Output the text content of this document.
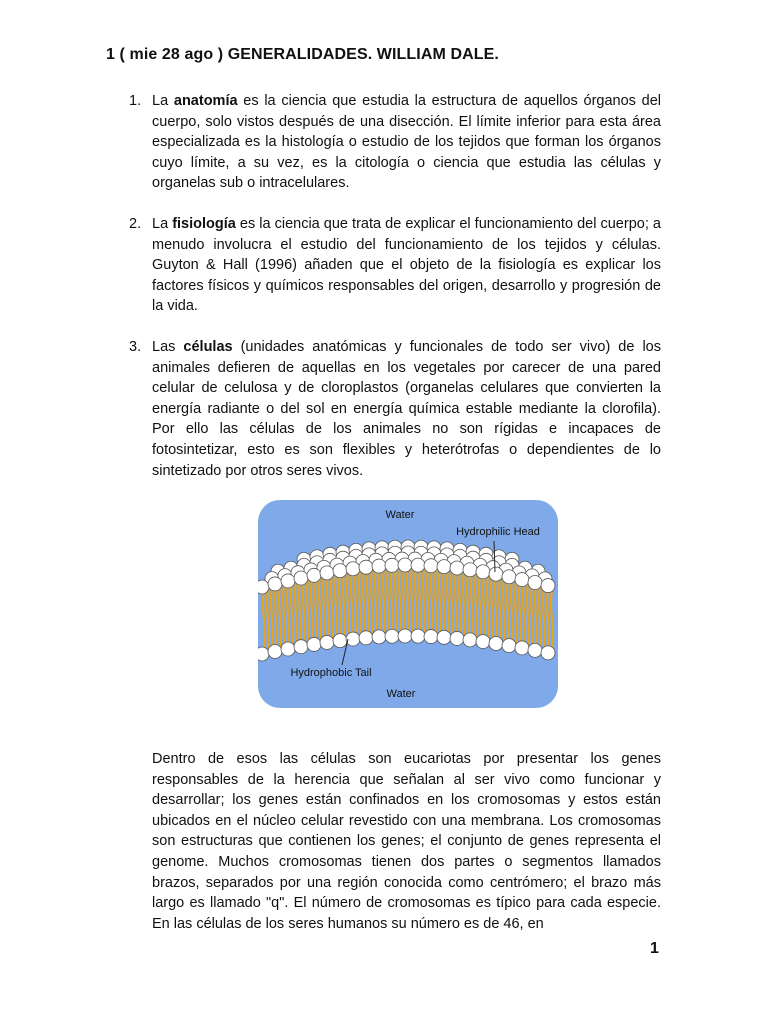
1 ( mie 28 ago ) GENERALIDADES. WILLIAM DALE.
1. La anatomía es la ciencia que estudia la estructura de aquellos órganos del cuerpo, solo vistos después de una disección. El límite inferior para esta área especializada es la histología o estudio de los tejidos que forman los órganos cuyo límite, a su vez, es la citología o ciencia que estudia las células y organelas sub o intracelulares.

2. La fisiología es la ciencia que trata de explicar el funcionamiento del cuerpo; a menudo involucra el estudio del funcionamiento de los tejidos y células. Guyton & Hall (1996) añaden que el objeto de la fisiología es explicar los factores físicos y químicos responsables del origen, desarrollo y progresión de la vida.

3. Las células (unidades anatómicas y funcionales de todo ser vivo) de los animales defieren de aquellas en los vegetales por carecer de una pared celular de celulosa y de cloroplastos (organelas celulares que convierten la energía radiante o del sol en energía química estable mediante la clorofila). Por ello las células de los animales no son rígidas e incapaces de fotosintetizar, esto es son flexibles y heterótrofas o dependientes de lo sintetizado por otros seres vivos.

Water
Hydrophilic Head
Hydrophobic Tail
Water

Dentro de esos las células son eucariotas por presentar los genes responsables de la herencia que señalan al ser vivo como funcionar y desarrollar; los genes están confinados en los cromosomas y estos están ubicados en el núcleo celular revestido con una membrana. Los cromosomas son estructuras que contienen los genes; el conjunto de genes representa el genome. Muchos cromosomas tienen dos partes o segmentos llamados brazos, separados por una región conocida como centrómero; el brazo más largo es llamado "q". El número de cromosomas es típico para cada especie. En las células de los seres humanos su número es de 46, en

1
